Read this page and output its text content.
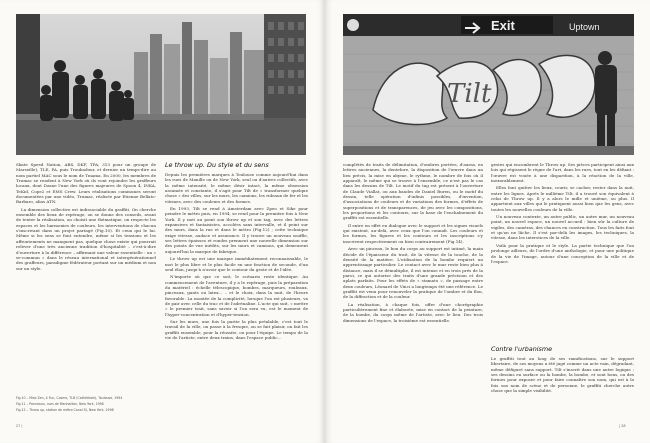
Skate Speed Nation, ABS, DKF, TPA, 313 pour un groupe de Marseille), TLE, PA, puis Troubadour, et dernier un temps-dire au nom partiel MAC sous le nom de Tmama. En 2000, les membres de Trumac se rendent à New York où ils vont rejoindre les graffeurs locaux, dont Dzane l'une des figures majeures de Spoon 4, INKA, TeKid, Cope2 et EMS Crew. Leurs réalisations communes seront documentées par une vidéo, Trumac, réalisée par Etienne Bellato-Barbaro, alias ATN.

La dimension collective est indissociable du graffiti. On cherche ensemble des lieux de repérage, on se donne des conseils, avant de tenter la réalisation, on choisit une thématique, on respecte les espaces et les harmonies de couleurs, les interventions de chacun s'inscrivant dans un projet partagé (Fig.10). Et ceux qui le lui. Même si les sens se font entendre, même si les tensions et les affrontements ne manquent pas, quelque chose existe qui pourrait relever d'une très ancienne tradition d'hospitalité – c'est-à-dire d'ouverture à la différence – affirmant une valeur essentielle : un « se-commun » dans le réseau international et intergénérationnel des graffeurs, paradigme fédérateur portant sur un médium et non sur un style.

Le throw up. Du style et du sens

Depuis les premières marques à Toulouse comme aujourd'hui dans les rues de Manille ou de New York, seul ou d'autres collectifs, avec la même intensité, le même désir intact, la même obsession assumée et constante, il s'agit pour Tilt de « transformer quelque chose » des villes, sur les murs, les camions, les rideaux de fer et les vitrines, avec des couleurs et des formes.

En 1993, Tilt se rend à Amsterdam avec Zpeo et Sike pour peindre le métro puis, en 1994, se rend pour la première fois à New York. Il y met au point son throw up et son tag, avec des lettres expansives et fantaisistes, accolées sans intervalle, et il peint sur des murs, dans la rue et dans le métro (Fig.12) ; cette technique exige vitesse, audace et assurance. Il y trouve un nouveau souffle, ses lettres épaisses et rondes prennent une nouvelle dimension sur des points de vue inédits, sur les murs et camions, qui demeurent aujourd'hui la marque de fabrique.

Le throw up est une marque immédiatement reconnaissable, le mot le plus libre et le plus facile en une fraction de seconde, d'un seul élan, jusqu'à n'avoir que le contour du geste et de l'idée.

N'importe où que ce soit, le scénario reste identique. Au commencement de l'aventure, il y a le repérage, puis la préparation du matériel : échelle télescopique, bombes, marqueurs, rouleaux, pinceaux, gants ou latex… – et le choix, dans la nuit, de l'heure favorable. La montée de la complicité, lorsque l'on est plusieurs, va de pair avec celle du trac et de l'adrénaline. L'acte qui suit, « mettre » le premier trait, sans savoir si l'on sera vu, est le moment de l'hyper-concentration et d'hyper-tension.

Sur les murs, une fois la partie la plus préalable, c'est tout le travail de la ville, on passe à la fresque, on se fait plaisir, on fait les graffiti ensemble, pour la réussite, ou pour l'équipe. Le tempo de la vie de l'artiste, entre deux trains, dans l'espace public…

Fig.10 – Mise Zen, 4 Fun, Cosmo, TLB (Cathédrale), Toulouse, 1994
Fig.11 – Panneaux, rues de Manhattan, New York, 1998
Fig.12 – Throw up, station de métro Canal St, New York, 1998
27 |
Exit	Uptown
Tilt

complétés de traits de délimitation, d'ombres portées, d'auras, en lettres anciennes, la dentelure, la disposition de l'œuvre dans un lieu précis, la mise en abyme, le rythme, le nombre de fois où il apparaît, le même qui se trouve à l'ensemble, ce n'est pas le cas dans les dessins de Tilt. Le motif du tag est présent à l'ouverture de Claude Viallat, ou aux bandes de Daniel Buren, ou le motif du dessin, telle opération d'infinis possibles, d'invention, d'associations de couleurs et de variations des formes, d'effets de superpositions et de transparences, de jeu avec les compositions, les proportions et les contours, sur la base de l'enchaînement du graffiti est essentielle.

Il entre en effet en dialogue avec le support et les signes visuels qui existent, au-delà, avec ceux que l'on connaît. Les couleurs et les formes, les figures et les contours et les inscriptions s'y inscrivent respectivement ou bien contrairement (Fig.14).

Avec un pinceau, le bon du corps au support est intimé, la main décide de l'épaisseur du trait, de la vitesse de la touche, de la densité de la matière. L'utilisation de la bombe requiert un apprentissage particulier. Le contact avec le mur reste bien plus à distance, mais il se démultiplie, il est intense et en trois prés de la paroi, ce qui autorise des traits d'une grande précision et des aplats parfaits. Pour les effets de « stamato », de passage entre deux couleurs, Léonard de Vinci a longtemps été une référence. Le graffiti est venu pour renouveler la pratique de l'ombre et du flou, de la diffraction et de la couleur.

La réalisation, à chaque fois, offre d'une chorégraphie particulièrement fine et élaborée, mise en contact de la peinture, de la bombe, du corps même de l'artiste, avec le lieu. Des trois dimensions de l'espace, la troisième est essentielle.

gestes qui encombrent le Throw up. Ses pièces participent ainsi aux lois qui régissent le règne de l'art, dans les rues, tout en les défiant : l'œuvre est vouée à une disparition, à la réaction de la ville, inexorablement.

Elles font quitter les lieux, courir, se cacher, rester dans la nuit, entre les lignes. Après le millième Tilt, il a trouvé son équivalent à celui de Throw up. Il y a alors le mille et unième, ou plus. Il appartient aux villes qui le pratiquent aussi bien que les gens, avec toutes les nouvelles couleurs de la ville.

Un nouveau contexte, un autre public, un autre mur, un nouveau point, un nouvel espace, un nouvel accueil : bien sûr la culture de vigiles, des caméras, des chances en construction. Tous les faits font et qu'on ne lâche. Il s'est par-delà les images, les techniques, la vitesse, dans les interstices de la ville.

Voilà pour la pratique et le style. La partie technique que l'on prolonge ailleurs, de l'ordre d'une anthologie, et pour une politique de la vie de l'image, autour d'une conception de la ville et de l'espace.

Contre l'urbanisme

Le graffiti tout au long de ses ramifications, sur le support libertaire, de ses moyens a été jugé comme un acte vain, dégradant, même défiguré sans support. Tilt s'inscrit dans une autre logique : ses dessins en surface ou la bombe, la bombe, et sont bons, ou des formes pour exposer et pour faire connaître son nom, qui est à la fois son nom de scène et de personne, le graffiti cherche autre chose que la simple visibilité.

| 28
